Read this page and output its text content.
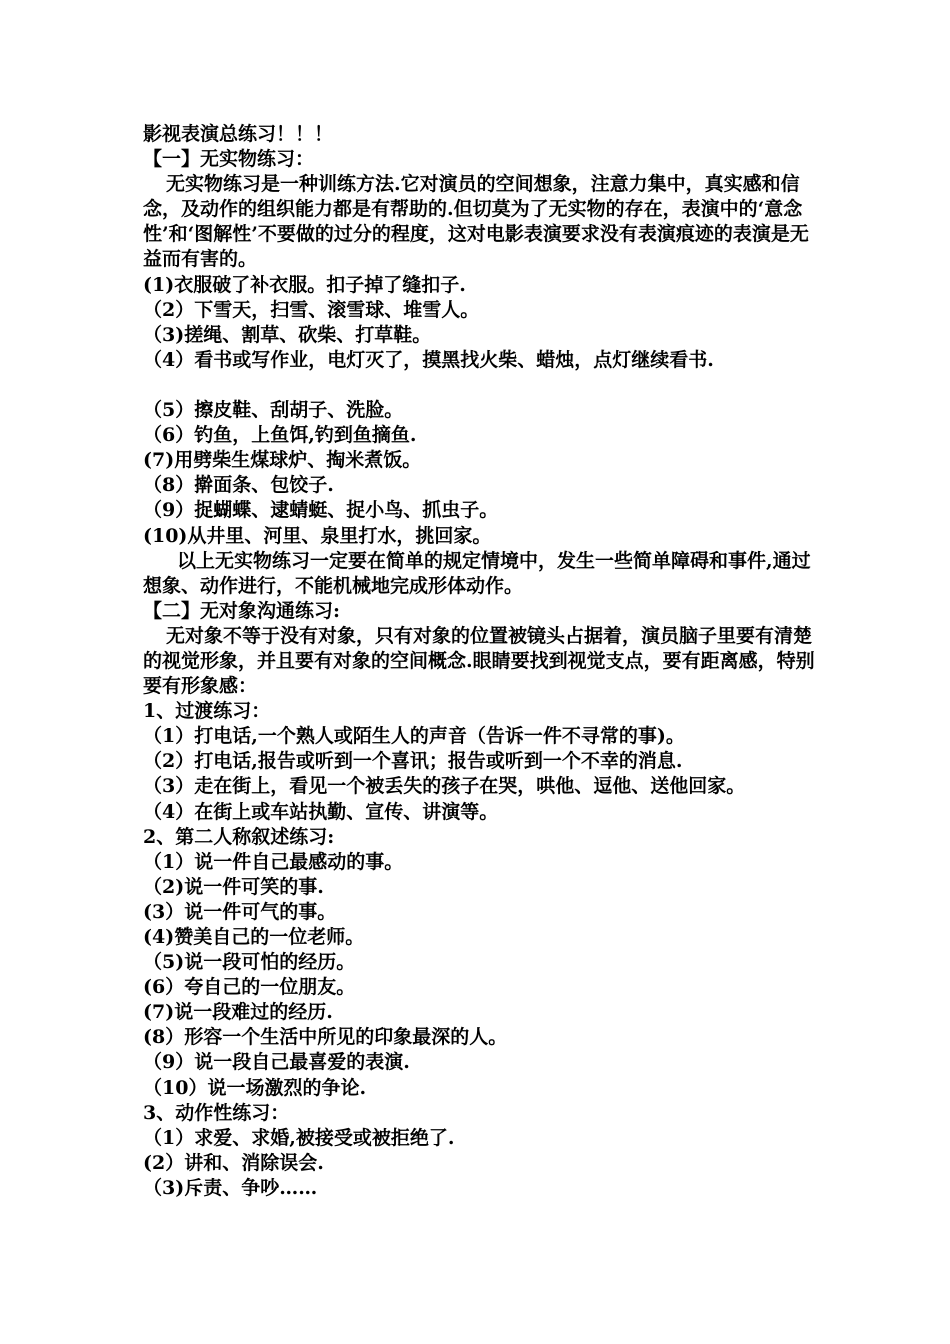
影视表演总练习！！！
【一】无实物练习：
无实物练习是一种训练方法.它对演员的空间想象，注意力集中，真实感和信念，及动作的组织能力都是有帮助的.但切莫为了无实物的存在，表演中的‘意念性’和‘图解性’不要做的过分的程度，这对电影表演要求没有表演痕迹的表演是无益而有害的。
(1)衣服破了补衣服。扣子掉了缝扣子.
（2）下雪天，扫雪、滚雪球、堆雪人。
（3)搓绳、割草、砍柴、打草鞋。
（4）看书或写作业，电灯灭了，摸黑找火柴、蜡烛，点灯继续看书.
（5）擦皮鞋、刮胡子、洗脸。
（6）钓鱼，上鱼饵,钓到鱼摘鱼.
(7)用劈柴生煤球炉、掏米煮饭。
（8）擀面条、包饺子.
（9）捉蝴蝶、逮蜻蜓、捉小鸟、抓虫子。
(10)从井里、河里、泉里打水，挑回家。
以上无实物练习一定要在简单的规定情境中，发生一些简单障碍和事件,通过想象、动作进行，不能机械地完成形体动作。
【二】无对象沟通练习:
无对象不等于没有对象，只有对象的位置被镜头占据着，演员脑子里要有清楚的视觉形象，并且要有对象的空间概念.眼睛要找到视觉支点，要有距离感，特别要有形象感：
1、过渡练习：
（1）打电话,一个熟人或陌生人的声音（告诉一件不寻常的事)。
（2）打电话,报告或听到一个喜讯；报告或听到一个不幸的消息.
（3）走在街上，看见一个被丢失的孩子在哭，哄他、逗他、送他回家。
（4）在街上或车站执勤、宣传、讲演等。
2、第二人称叙述练习:
（1）说一件自己最感动的事。
（2)说一件可笑的事.
(3）说一件可气的事。
(4)赞美自己的一位老师。
（5)说一段可怕的经历。
(6）夸自己的一位朋友。
(7)说一段难过的经历.
(8）形容一个生活中所见的印象最深的人。
（9）说一段自己最喜爱的表演.
（10）说一场激烈的争论.
3、动作性练习：
（1）求爱、求婚,被接受或被拒绝了.
(2）讲和、消除误会.
（3)斥责、争吵……
